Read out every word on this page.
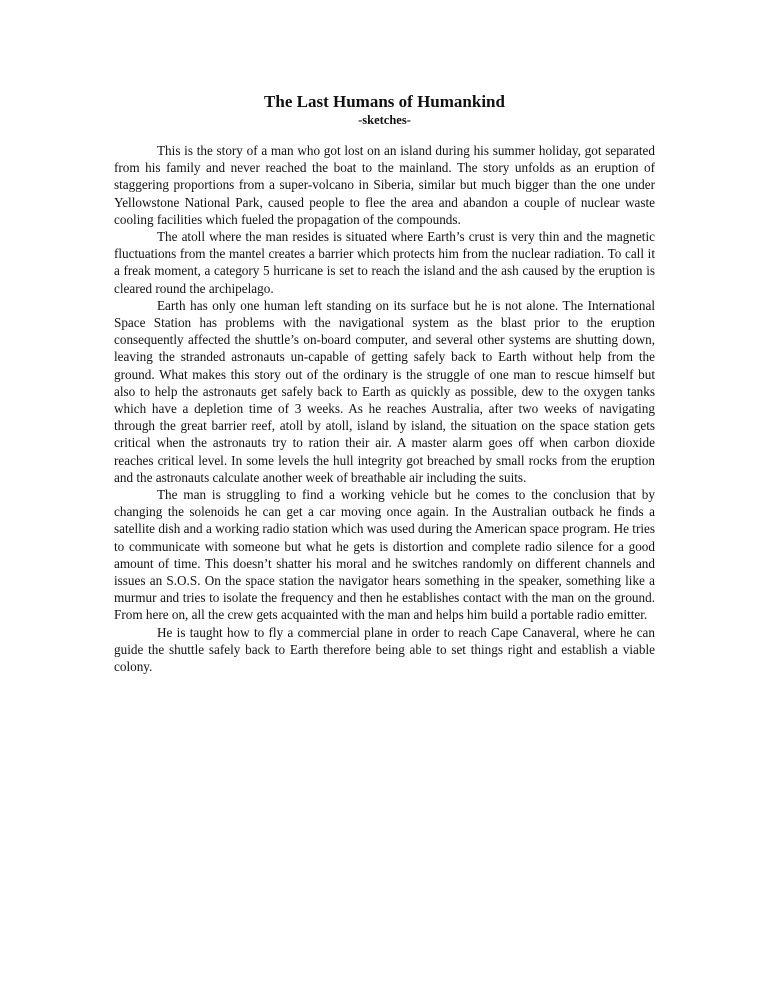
The Last Humans of Humankind
-sketches-

This is the story of a man who got lost on an island during his summer holiday, got separated from his family and never reached the boat to the mainland. The story unfolds as an eruption of staggering proportions from a super-volcano in Siberia, similar but much bigger than the one under Yellowstone National Park, caused people to flee the area and abandon a couple of nuclear waste cooling facilities which fueled the propagation of the compounds.

The atoll where the man resides is situated where Earth’s crust is very thin and the magnetic fluctuations from the mantel creates a barrier which protects him from the nuclear radiation. To call it a freak moment, a category 5 hurricane is set to reach the island and the ash caused by the eruption is cleared round the archipelago.

Earth has only one human left standing on its surface but he is not alone. The International Space Station has problems with the navigational system as the blast prior to the eruption consequently affected the shuttle’s on-board computer, and several other systems are shutting down, leaving the stranded astronauts un-capable of getting safely back to Earth without help from the ground. What makes this story out of the ordinary is the struggle of one man to rescue himself but also to help the astronauts get safely back to Earth as quickly as possible, dew to the oxygen tanks which have a depletion time of 3 weeks. As he reaches Australia, after two weeks of navigating through the great barrier reef, atoll by atoll, island by island, the situation on the space station gets critical when the astronauts try to ration their air. A master alarm goes off when carbon dioxide reaches critical level. In some levels the hull integrity got breached by small rocks from the eruption and the astronauts calculate another week of breathable air including the suits.

The man is struggling to find a working vehicle but he comes to the conclusion that by changing the solenoids he can get a car moving once again. In the Australian outback he finds a satellite dish and a working radio station which was used during the American space program. He tries to communicate with someone but what he gets is distortion and complete radio silence for a good amount of time. This doesn’t shatter his moral and he switches randomly on different channels and issues an S.O.S. On the space station the navigator hears something in the speaker, something like a murmur and tries to isolate the frequency and then he establishes contact with the man on the ground. From here on, all the crew gets acquainted with the man and helps him build a portable radio emitter.

He is taught how to fly a commercial plane in order to reach Cape Canaveral, where he can guide the shuttle safely back to Earth therefore being able to set things right and establish a viable colony.
